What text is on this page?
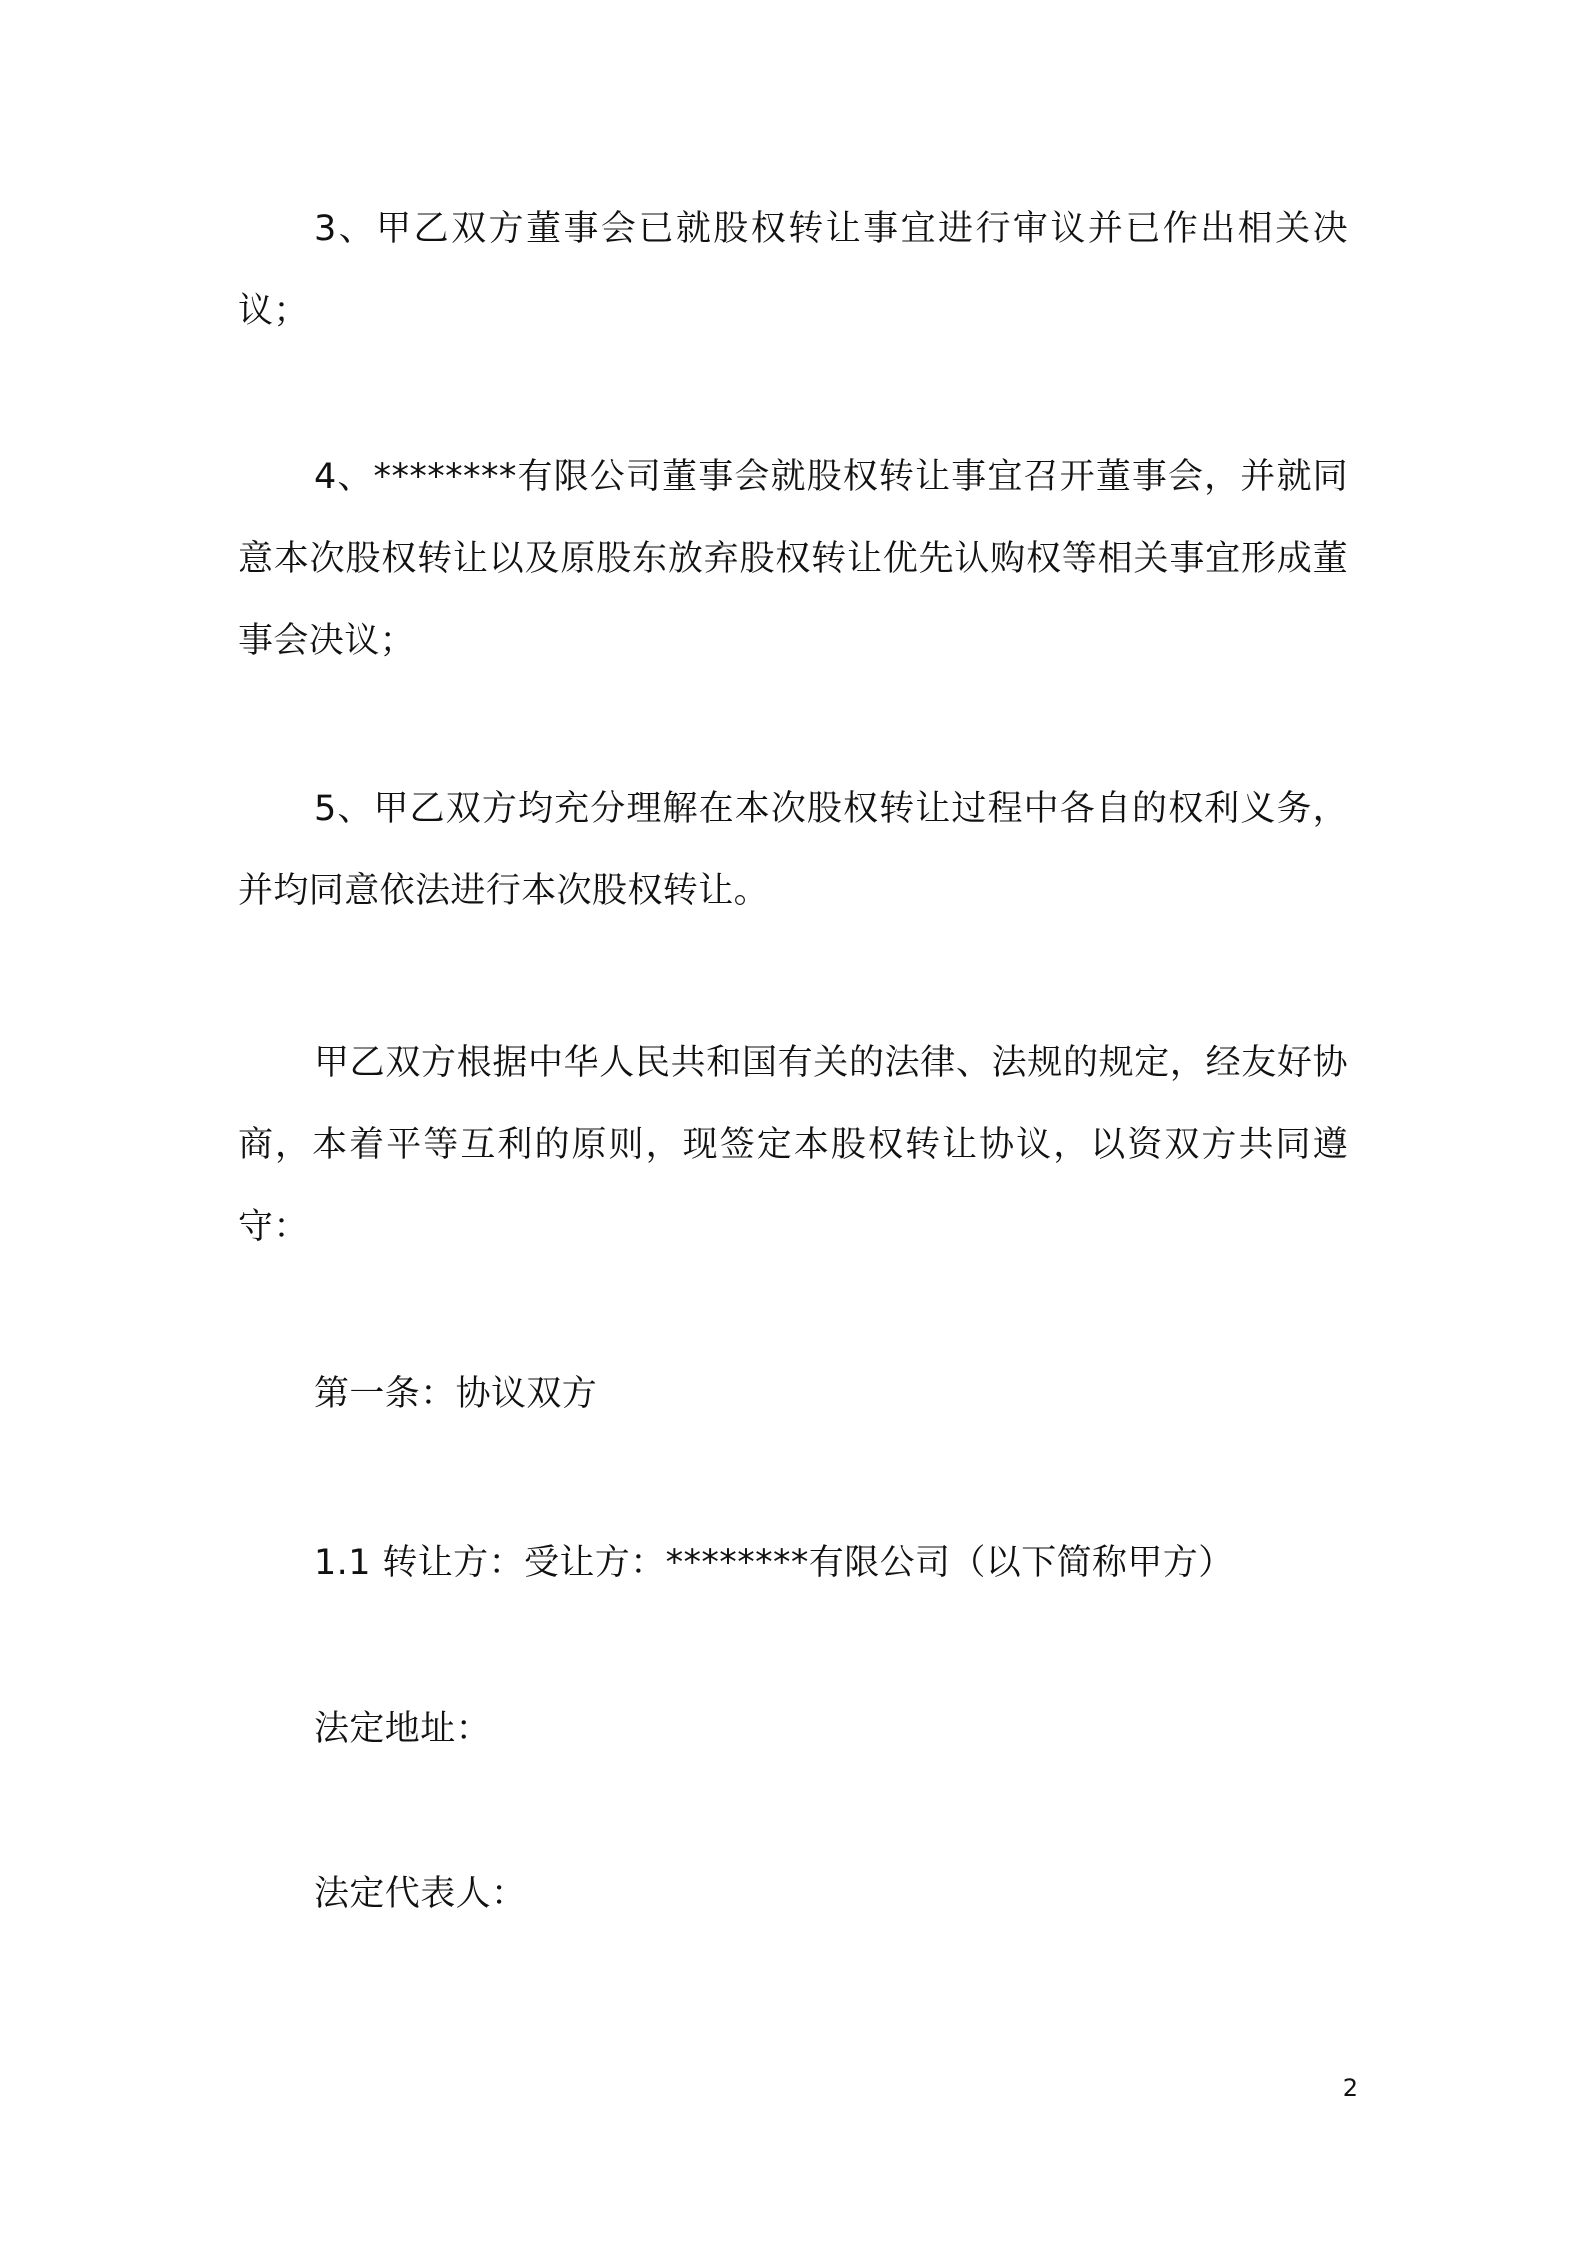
3、甲乙双方董事会已就股权转让事宜进行审议并已作出相关决议；

4、********有限公司董事会就股权转让事宜召开董事会，并就同意本次股权转让以及原股东放弃股权转让优先认购权等相关事宜形成董事会决议；

5、甲乙双方均充分理解在本次股权转让过程中各自的权利义务，并均同意依法进行本次股权转让。

甲乙双方根据中华人民共和国有关的法律、法规的规定，经友好协商，本着平等互利的原则，现签定本股权转让协议，以资双方共同遵守：

第一条：协议双方

1.1 转让方：受让方：********有限公司（以下简称甲方）

法定地址：

法定代表人：

2
